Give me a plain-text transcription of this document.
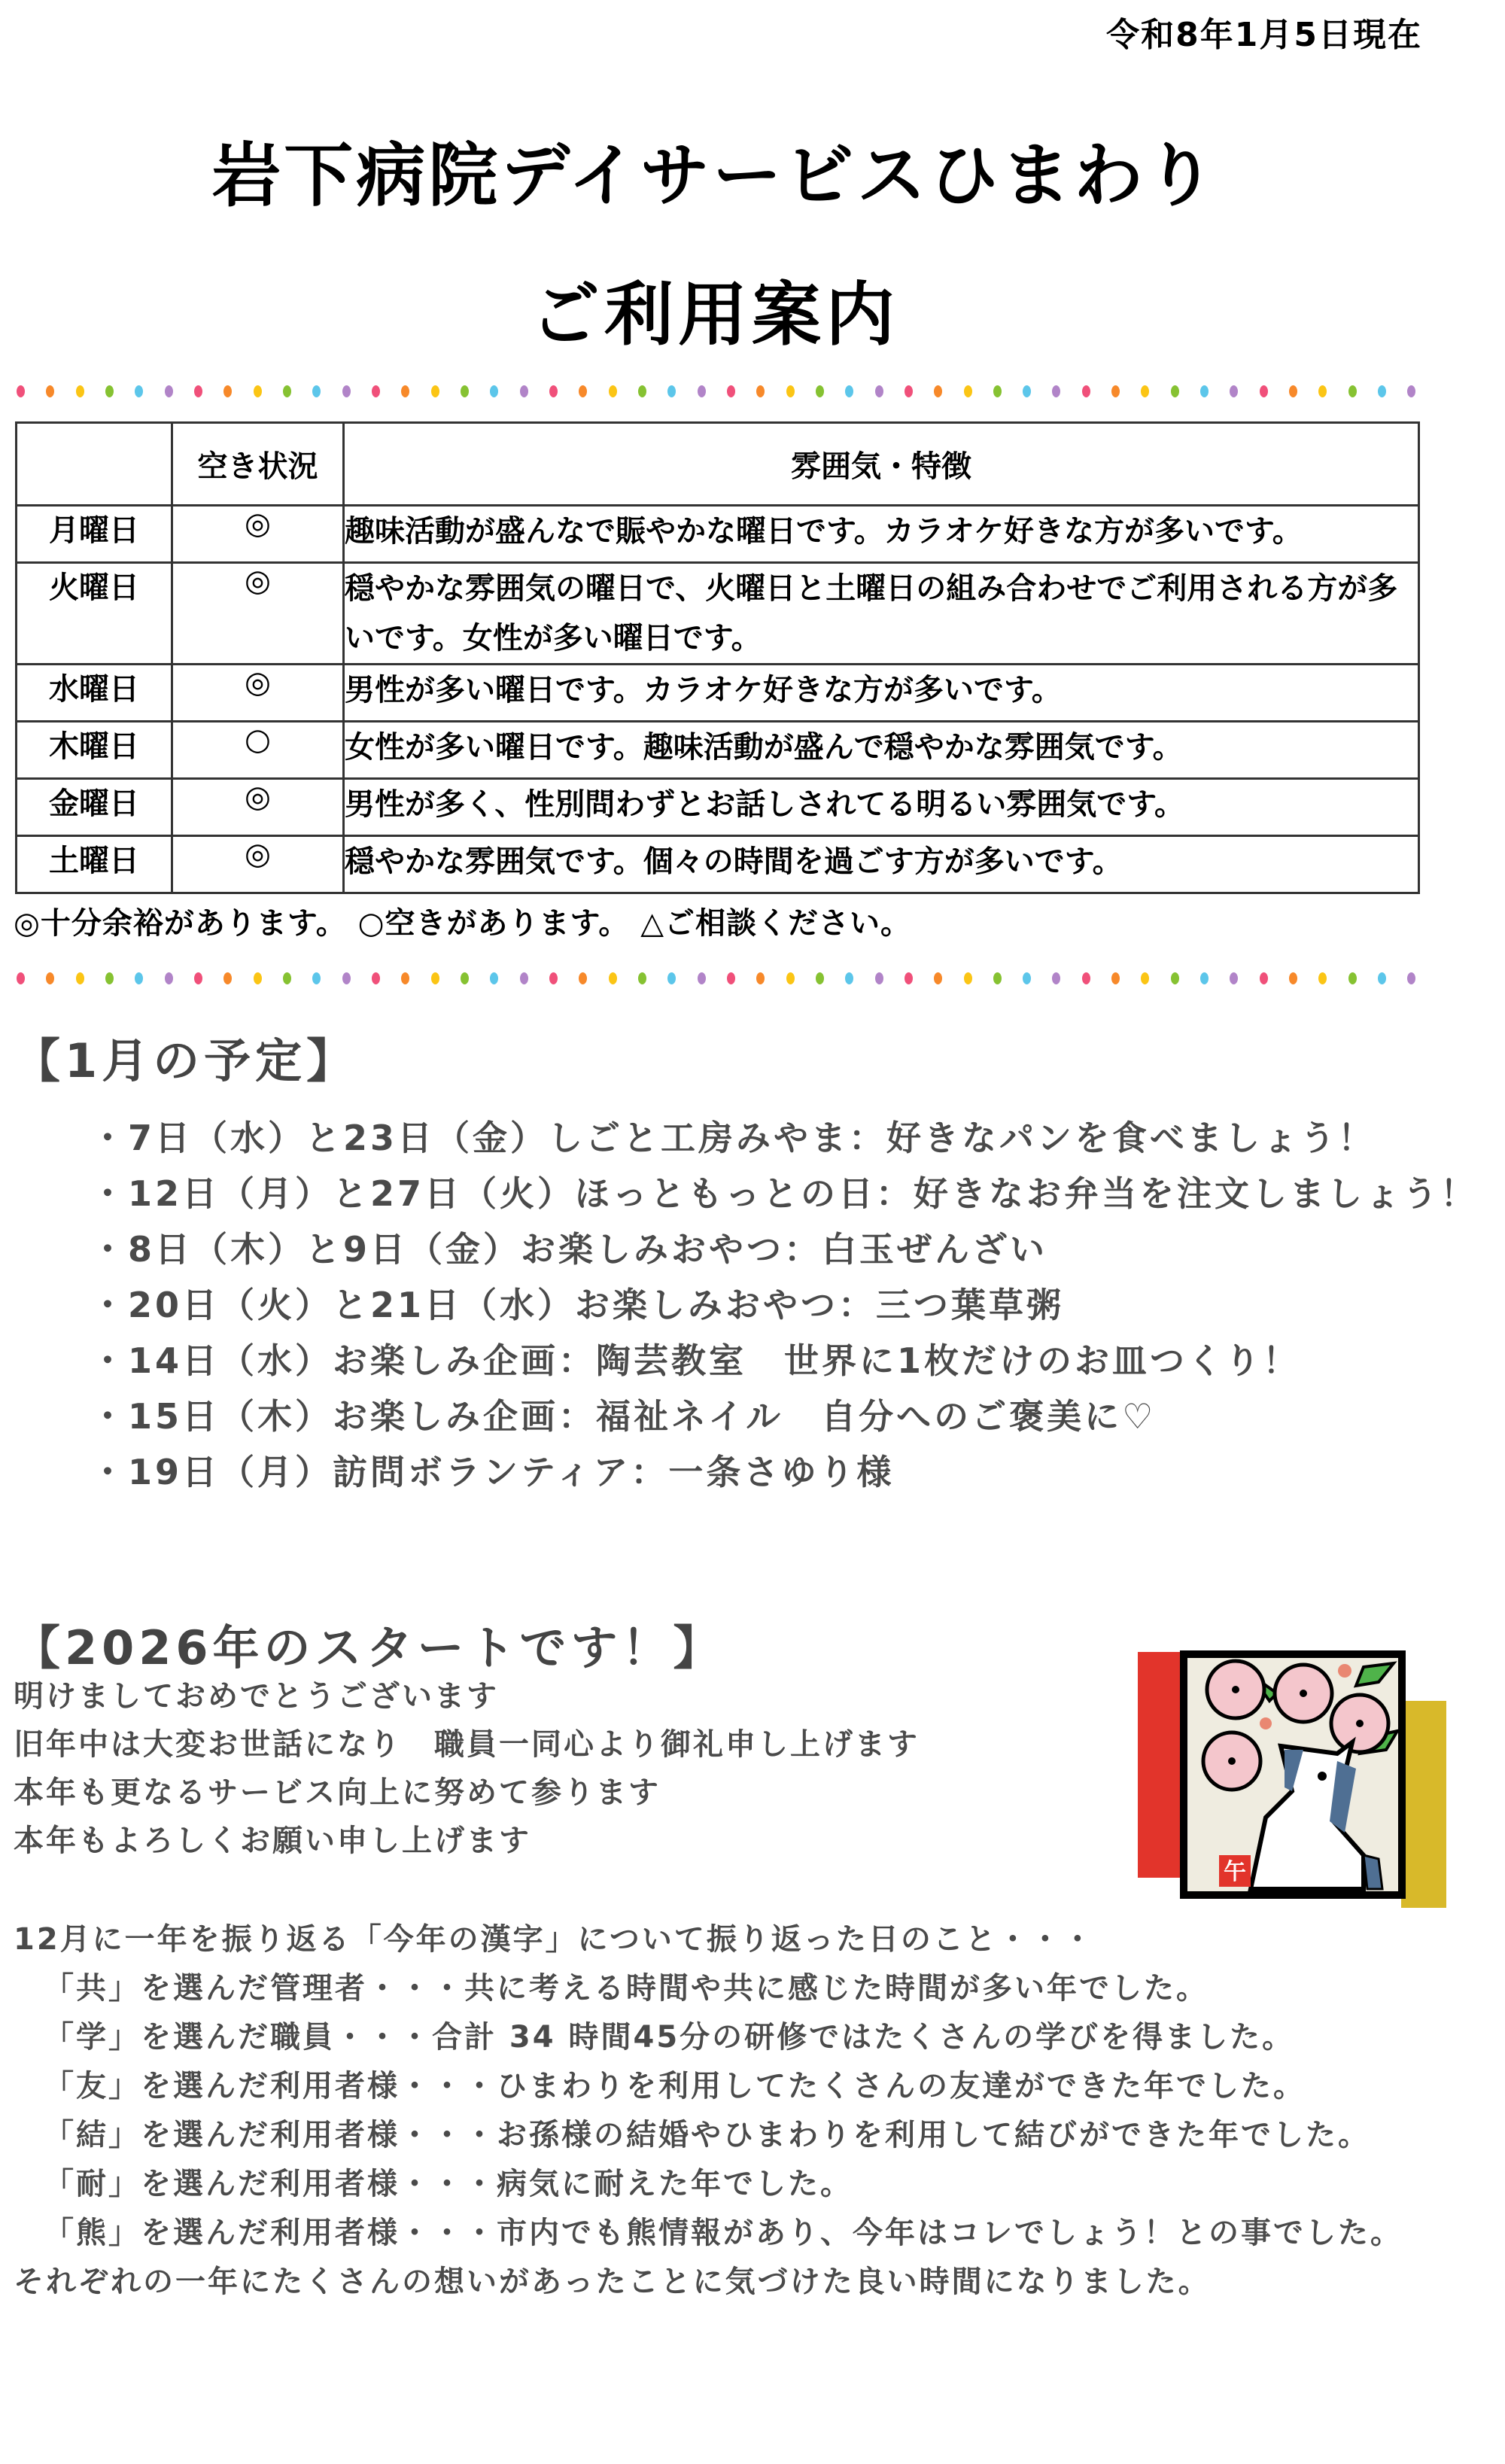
令和8年1月5日現在
岩下病院デイサービスひまわり
ご利用案内
	空き状況	雰囲気・特徴
月曜日	◎	趣味活動が盛んなで賑やかな曜日です。カラオケ好きな方が多いです。
火曜日	◎	穏やかな雰囲気の曜日で、火曜日と土曜日の組み合わせでご利用される方が多いです。女性が多い曜日です。
水曜日	◎	男性が多い曜日です。カラオケ好きな方が多いです。
木曜日	○	女性が多い曜日です。趣味活動が盛んで穏やかな雰囲気です。
金曜日	◎	男性が多く、性別問わずとお話しされてる明るい雰囲気です。
土曜日	◎	穏やかな雰囲気です。個々の時間を過ごす方が多いです。
◎十分余裕があります。 ○空きがあります。 △ご相談ください。
【1月の予定】
・7日（水）と23日（金）しごと工房みやま：好きなパンを食べましょう！
・12日（月）と27日（火）ほっともっとの日：好きなお弁当を注文しましょう！
・8日（木）と9日（金）お楽しみおやつ：白玉ぜんざい
・20日（火）と21日（水）お楽しみおやつ：三つ葉草粥
・14日（水）お楽しみ企画：陶芸教室　世界に1枚だけのお皿つくり！
・15日（木）お楽しみ企画：福祉ネイル　自分へのご褒美に♡
・19日（月）訪問ボランティア：一条さゆり様
【2026年のスタートです！】
明けましておめでとうございます
旧年中は大変お世話になり　職員一同心より御礼申し上げます
本年も更なるサービス向上に努めて参ります
本年もよろしくお願い申し上げます
午
12月に一年を振り返る「今年の漢字」について振り返った日のこと・・・
「共」を選んだ管理者・・・共に考える時間や共に感じた時間が多い年でした。
「学」を選んだ職員・・・合計 34 時間45分の研修ではたくさんの学びを得ました。
「友」を選んだ利用者様・・・ひまわりを利用してたくさんの友達ができた年でした。
「結」を選んだ利用者様・・・お孫様の結婚やひまわりを利用して結びができた年でした。
「耐」を選んだ利用者様・・・病気に耐えた年でした。
「熊」を選んだ利用者様・・・市内でも熊情報があり、今年はコレでしょう！との事でした。
それぞれの一年にたくさんの想いがあったことに気づけた良い時間になりました。
